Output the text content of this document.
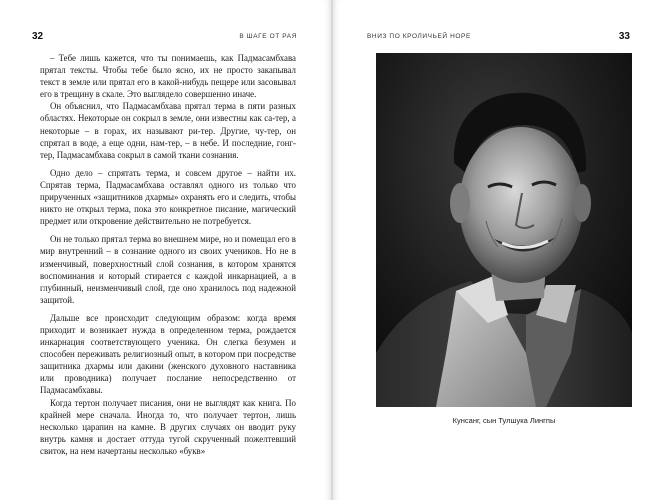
32	В ШАГЕ ОТ РАЯ

– Тебе лишь кажется, что ты понимаешь, как Падмасамбхава прятал тексты. Чтобы тебе было ясно, их не просто закапывал текст в земле или прятал его в какой-нибудь пещере или засовывал его в трещину в скале. Это выглядело совершенно иначе.

Он объяснил, что Падмасамбхава прятал терма в пяти разных областях. Некоторые он сокрыл в земле, они известны как са-тер, а некоторые – в горах, их называют ри-тер. Другие, чу-тер, он спрятал в воде, а еще одни, нам-тер, – в небе. И последние, гонг-тер, Падмасамбхава сокрыл в самой ткани сознания.

Одно дело – спрятать терма, и совсем другое – найти их. Спрятав терма, Падмасамбхава оставлял одного из только что прирученных «защитников дхармы» охранять его и следить, чтобы никто не открыл терма, пока это конкретное писание, магический предмет или откровение действительно не потребуется.

Он не только прятал терма во внешнем мире, но и помещал его в мир внутренний – в сознание одного из своих учеников. Но не в изменчивый, поверхностный слой сознания, в котором хранятся воспоминания и который стирается с каждой инкарнацией, а в глубинный, неизменчивый слой, где оно хранилось под надежной защитой.

Дальше все происходит следующим образом: когда время приходит и возникает нужда в определенном терма, рождается инкарнация соответствующего ученика. Он слегка безумен и способен переживать религиозный опыт, в котором при посредстве защитника дхармы или дакини (женского духовного наставника или проводника) получает послание непосредственно от Падмасамбхавы.

Когда тертон получает писания, они не выглядят как книга. По крайней мере сначала. Иногда то, что получает тертон, лишь несколько царапин на камне. В других случаях он вводит руку внутрь камня и достает оттуда тугой скрученный пожелтевший свиток, на нем начертаны несколько «букв»

ВНИЗ ПО КРОЛИЧЬЕЙ НОРЕ	33
Кунсанг, сын Тулшука Лингпы
